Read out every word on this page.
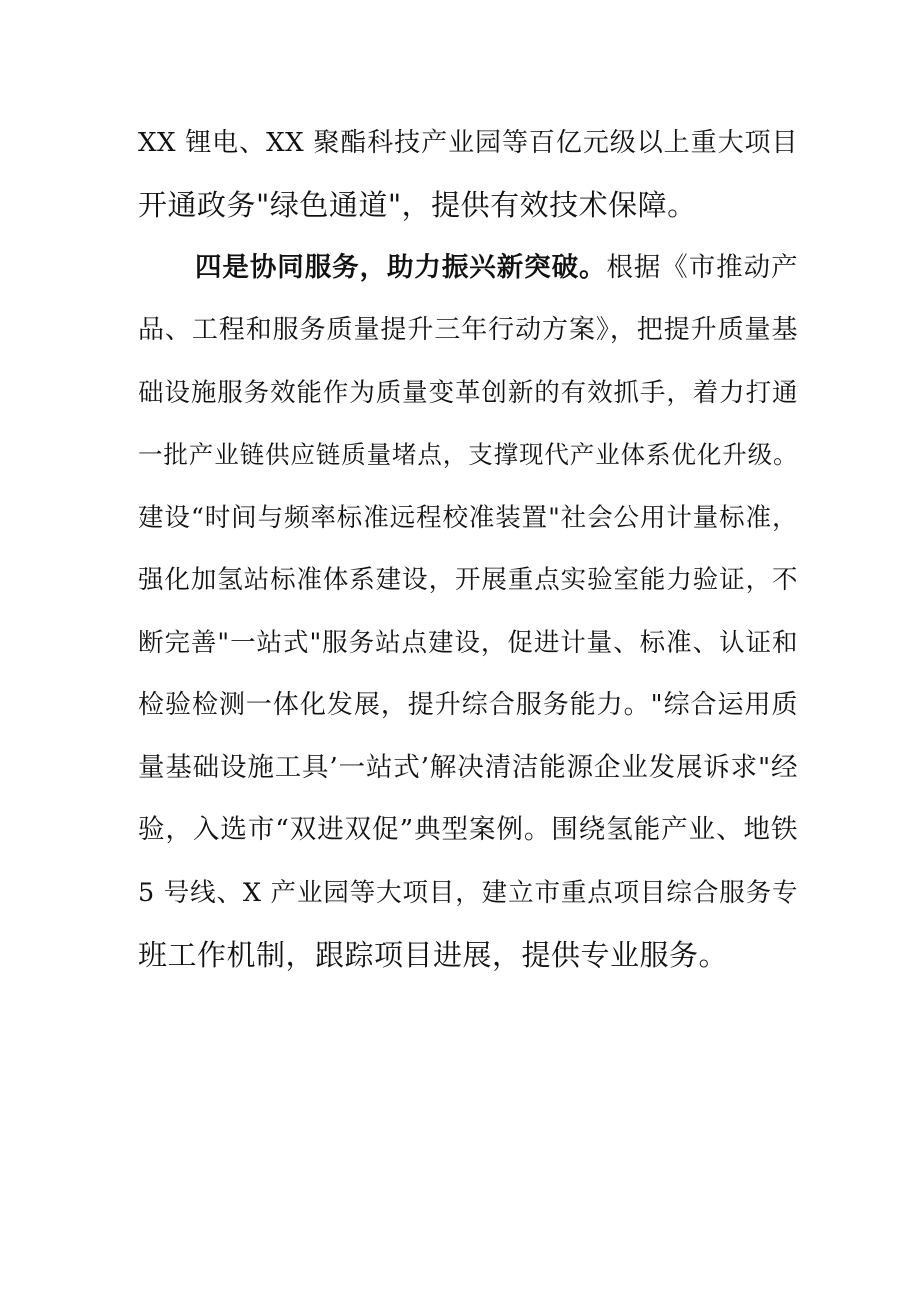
XX 锂电、XX 聚酯科技产业园等百亿元级以上重大项目
开通政务"绿色通道"，提供有效技术保障。
四是协同服务，助力振兴新突破。根据《市推动产
品、工程和服务质量提升三年行动方案》，把提升质量基
础设施服务效能作为质量变革创新的有效抓手，着力打通
一批产业链供应链质量堵点，支撑现代产业体系优化升级。
建设“时间与频率标准远程校准装置"社会公用计量标准，
强化加氢站标准体系建设，开展重点实验室能力验证，不
断完善"一站式"服务站点建设，促进计量、标准、认证和
检验检测一体化发展，提升综合服务能力。"综合运用质
量基础设施工具’一站式’解决清洁能源企业发展诉求"经
验，入选市“双进双促”典型案例。围绕氢能产业、地铁
5 号线、X 产业园等大项目，建立市重点项目综合服务专
班工作机制，跟踪项目进展，提供专业服务。
